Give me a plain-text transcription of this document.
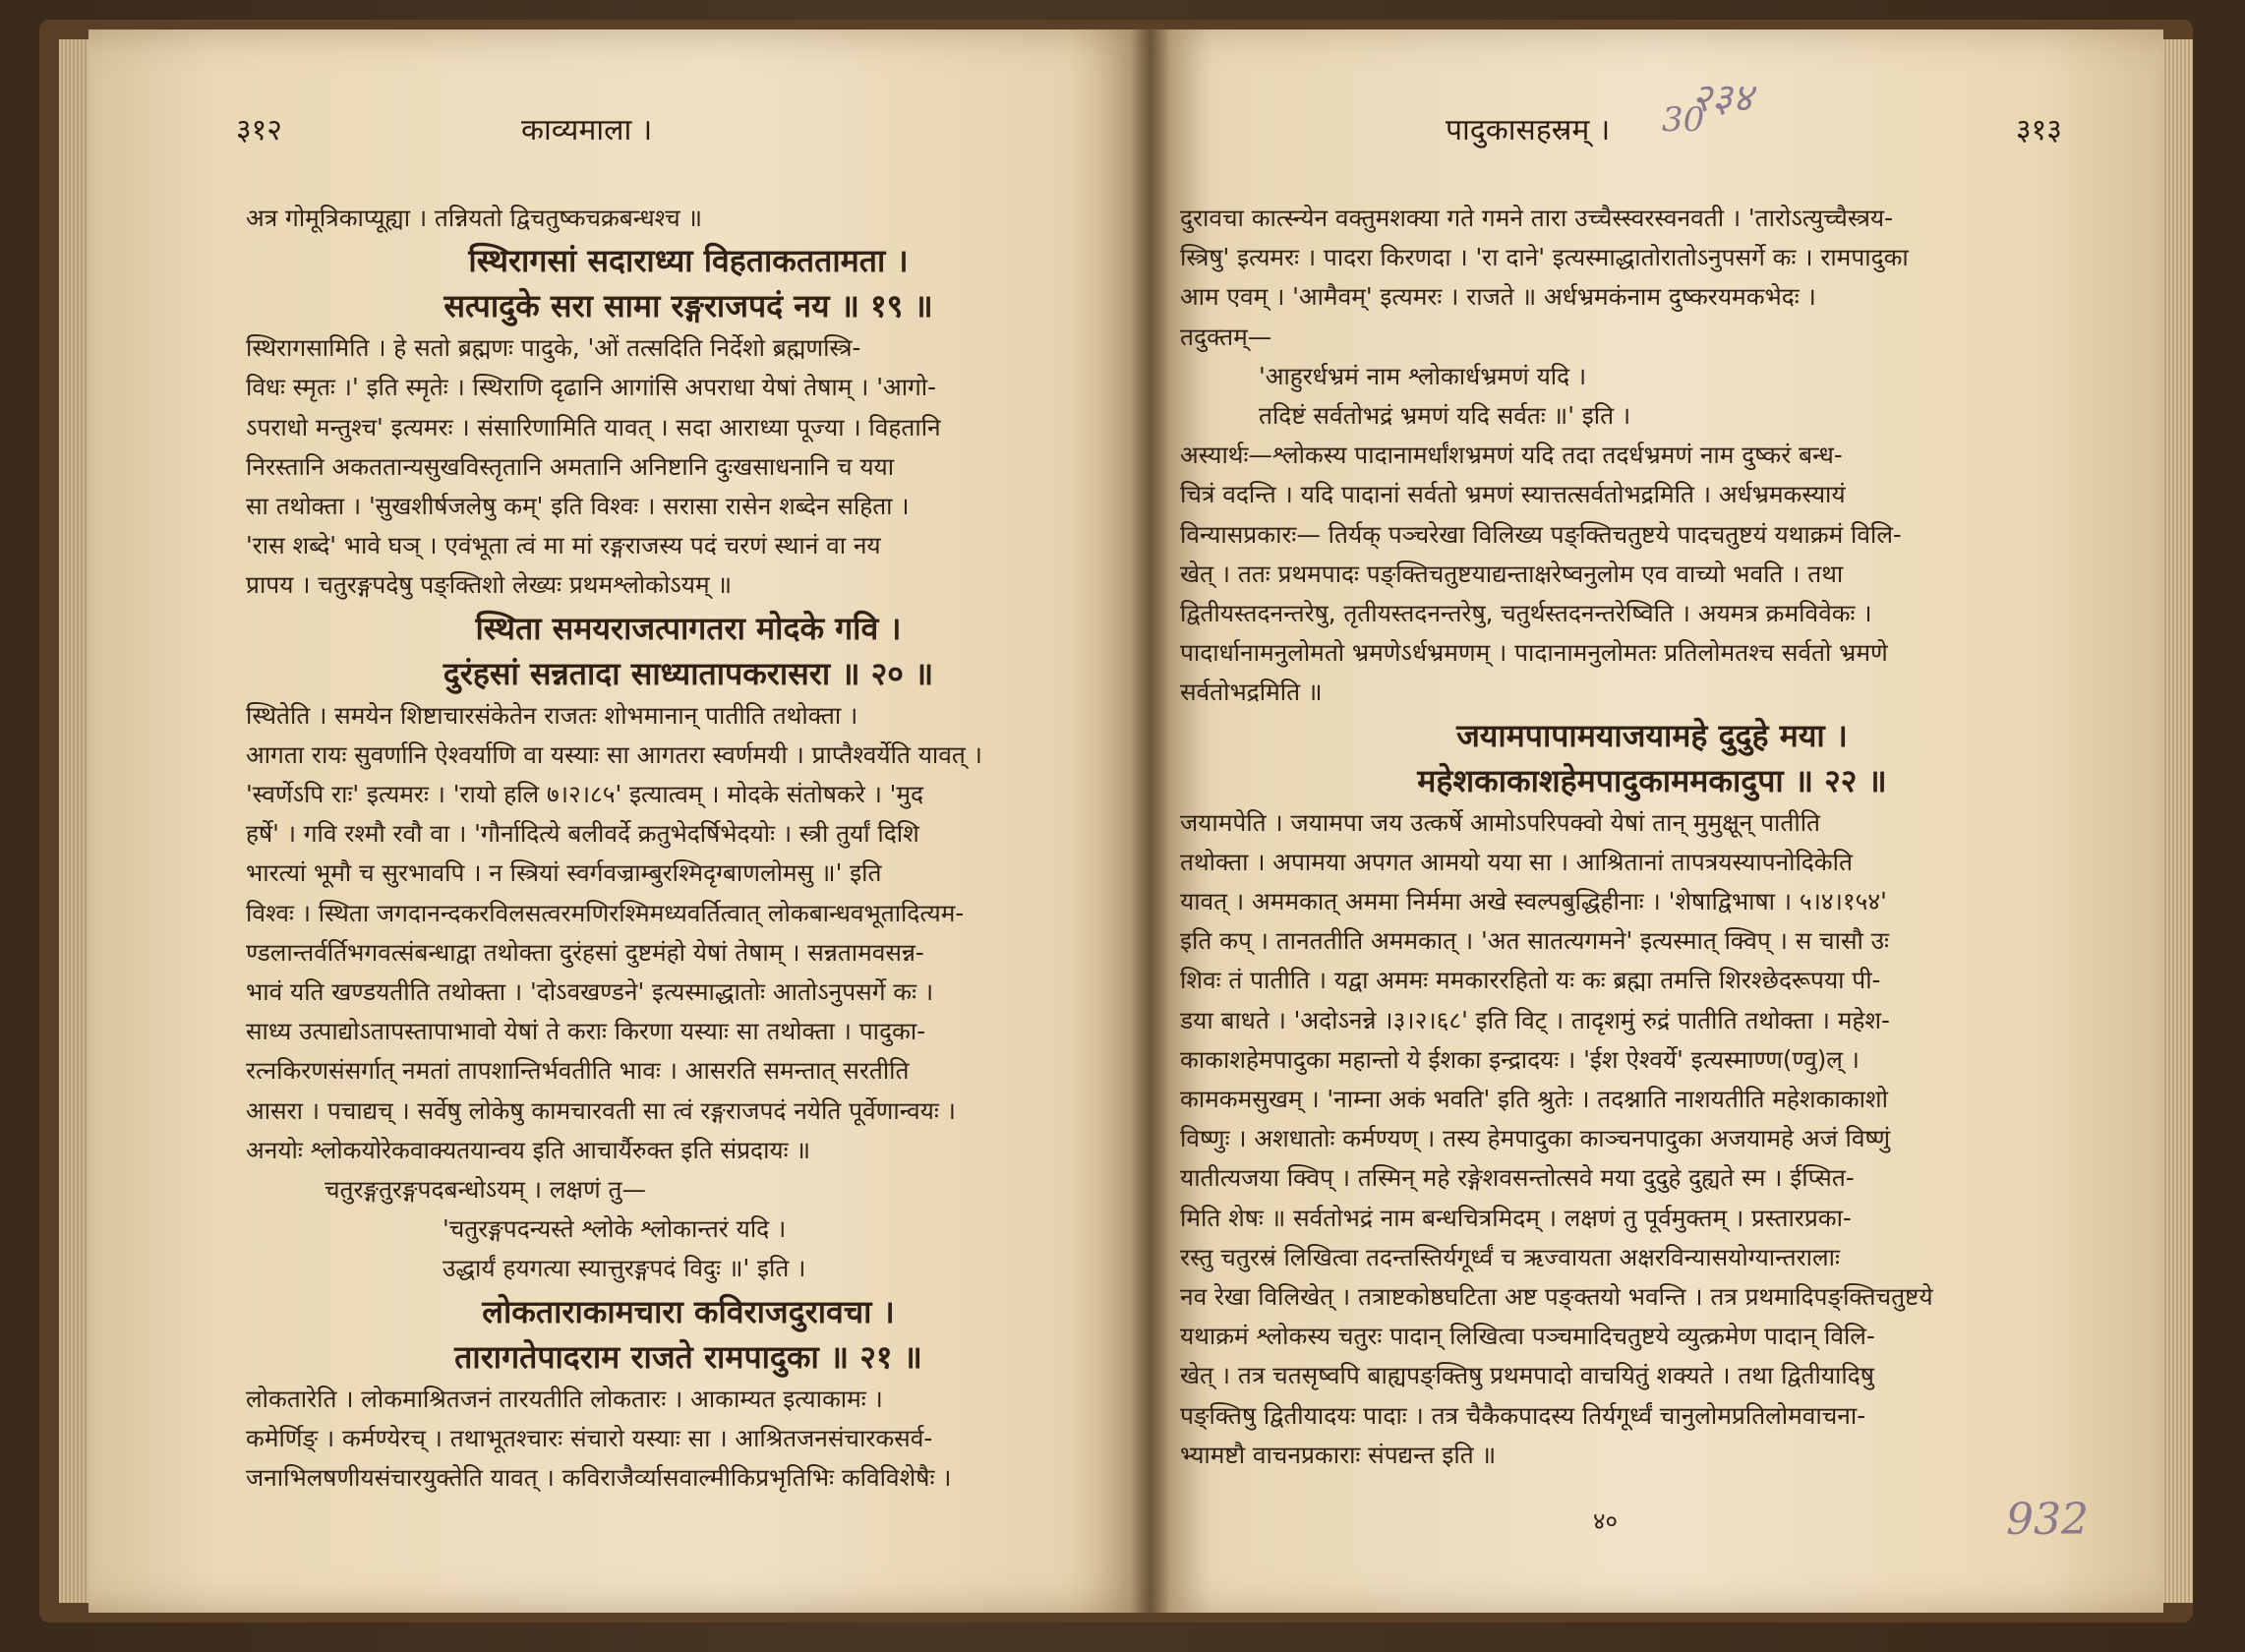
३१२	काव्यमाला ।
अत्र गोमूत्रिकाप्यूह्या । तन्नियतो द्विचतुष्कचक्रबन्धश्च ॥
स्थिरागसां सदाराध्या विहताकततामता ।
सत्पादुके सरा सामा रङ्गराजपदं नय ॥ १९ ॥
स्थिरागसामिति । हे सतो ब्रह्मणः पादुके, 'ओं तत्सदिति निर्देशो ब्रह्मणस्त्रि-
विधः स्मृतः ।' इति स्मृतेः । स्थिराणि दृढानि आगांसि अपराधा येषां तेषाम् । 'आगो-
ऽपराधो मन्तुश्च' इत्यमरः । संसारिणामिति यावत् । सदा आराध्या पूज्या । विहतानि
निरस्तानि अकततान्यसुखविस्तृतानि अमतानि अनिष्टानि दुःखसाधनानि च यया
सा तथोक्ता । 'सुखशीर्षजलेषु कम्' इति विश्वः । सरासा रासेन शब्देन सहिता ।
'रास शब्दे' भावे घञ् । एवंभूता त्वं मा मां रङ्गराजस्य पदं चरणं स्थानं वा नय
प्रापय । चतुरङ्गपदेषु पङ्क्तिशो लेख्यः प्रथमश्लोकोऽयम् ॥
स्थिता समयराजत्पागतरा मोदके गवि ।
दुरंहसां सन्नतादा साध्यातापकरासरा ॥ २० ॥
स्थितेति । समयेन शिष्टाचारसंकेतेन राजतः शोभमानान् पातीति तथोक्ता ।
आगता रायः सुवर्णानि ऐश्वर्याणि वा यस्याः सा आगतरा स्वर्णमयी । प्राप्तैश्वर्येति यावत् ।
'स्वर्णेऽपि राः' इत्यमरः । 'रायो हलि ७।२।८५' इत्यात्वम् । मोदके संतोषकरे । 'मुद
हर्षे' । गवि रश्मौ रवौ वा । 'गौर्नादित्ये बलीवर्दे क्रतुभेदर्षिभेदयोः । स्त्री तुर्यां दिशि
भारत्यां भूमौ च सुरभावपि । न स्त्रियां स्वर्गवज्राम्बुरश्मिदृग्बाणलोमसु ॥' इति
विश्वः । स्थिता जगदानन्दकरविलसत्वरमणिरश्मिमध्यवर्तित्वात् लोकबान्धवभूतादित्यम-
ण्डलान्तर्वर्तिभगवत्संबन्धाद्वा तथोक्ता दुरंहसां दुष्टमंहो येषां तेषाम् । सन्नतामवसन्न-
भावं यति खण्डयतीति तथोक्ता । 'दोऽवखण्डने' इत्यस्माद्धातोः आतोऽनुपसर्गे कः ।
साध्य उत्पाद्योऽतापस्तापाभावो येषां ते कराः किरणा यस्याः सा तथोक्ता । पादुका-
रत्नकिरणसंसर्गात् नमतां तापशान्तिर्भवतीति भावः । आसरति समन्तात् सरतीति
आसरा । पचाद्यच् । सर्वेषु लोकेषु कामचारवती सा त्वं रङ्गराजपदं नयेति पूर्वेणान्वयः ।
अनयोः श्लोकयोरेकवाक्यतयान्वय इति आचार्यैरुक्त इति संप्रदायः ॥
चतुरङ्गतुरङ्गपदबन्धोऽयम् । लक्षणं तु—
'चतुरङ्गपदन्यस्ते श्लोके श्लोकान्तरं यदि ।
उद्धार्यं हयगत्या स्यात्तुरङ्गपदं विदुः ॥' इति ।
लोकताराकामचारा कविराजदुरावचा ।
तारागतेपादराम राजते रामपादुका ॥ २१ ॥
लोकतारेति । लोकमाश्रितजनं तारयतीति लोकतारः । आकाम्यत इत्याकामः ।
कमेर्णिङ् । कर्मण्येरच् । तथाभूतश्चारः संचारो यस्याः सा । आश्रितजनसंचारकसर्व-
जनाभिलषणीयसंचारयुक्तेति यावत् । कविराजैर्व्यासवाल्मीकिप्रभृतिभिः कविविशेषैः ।
पादुकासहस्रम् । 30	३१३
२३४
दुरावचा कात्स्न्येन वक्तुमशक्या गते गमने तारा उच्चैस्स्वरस्वनवती । 'तारोऽत्युच्चैस्त्रय-
स्त्रिषु' इत्यमरः । पादरा किरणदा । 'रा दाने' इत्यस्माद्धातोरातोऽनुपसर्गे कः । रामपादुका
आम एवम् । 'आमैवम्' इत्यमरः । राजते ॥ अर्धभ्रमकंनाम दुष्करयमकभेदः ।
तदुक्तम्—
'आहुरर्धभ्रमं नाम श्लोकार्धभ्रमणं यदि ।
तदिष्टं सर्वतोभद्रं भ्रमणं यदि सर्वतः ॥' इति ।
अस्यार्थः—श्लोकस्य पादानामर्धांशभ्रमणं यदि तदा तदर्धभ्रमणं नाम दुष्करं बन्ध-
चित्रं वदन्ति । यदि पादानां सर्वतो भ्रमणं स्यात्तत्सर्वतोभद्रमिति । अर्धभ्रमकस्यायं
विन्यासप्रकारः— तिर्यक् पञ्चरेखा विलिख्य पङ्क्तिचतुष्टये पादचतुष्टयं यथाक्रमं विलि-
खेत् । ततः प्रथमपादः पङ्क्तिचतुष्टयाद्यन्ताक्षरेष्वनुलोम एव वाच्यो भवति । तथा
द्वितीयस्तदनन्तरेषु, तृतीयस्तदनन्तरेषु, चतुर्थस्तदनन्तरेष्विति । अयमत्र क्रमविवेकः ।
पादार्धानामनुलोमतो भ्रमणेऽर्धभ्रमणम् । पादानामनुलोमतः प्रतिलोमतश्च सर्वतो भ्रमणे
सर्वतोभद्रमिति ॥
जयामपापामयाजयामहे दुदुहे मया ।
महेशकाकाशहेमपादुकाममकादुपा ॥ २२ ॥
जयामपेति । जयामपा जय उत्कर्षे आमोऽपरिपक्वो येषां तान् मुमुक्षून् पातीति
तथोक्ता । अपामया अपगत आमयो यया सा । आश्रितानां तापत्रयस्यापनोदिकेति
यावत् । अममकात् अममा निर्ममा अखे स्वल्पबुद्धिहीनाः । 'शेषाद्विभाषा । ५।४।१५४'
इति कप् । तानततीति अममकात् । 'अत सातत्यगमने' इत्यस्मात् क्विप् । स चासौ उः
शिवः तं पातीति । यद्वा अममः ममकाररहितो यः कः ब्रह्मा तमत्ति शिरश्छेदरूपया पी-
डया बाधते । 'अदोऽनन्ने ।३।२।६८' इति विट् । तादृशमुं रुद्रं पातीति तथोक्ता । महेश-
काकाशहेमपादुका महान्तो ये ईशका इन्द्रादयः । 'ईश ऐश्वर्ये' इत्यस्माण्ण(ण्वु)ल् ।
कामकमसुखम् । 'नाम्ना अकं भवति' इति श्रुतेः । तदश्नाति नाशयतीति महेशकाकाशो
विष्णुः । अशधातोः कर्मण्यण् । तस्य हेमपादुका काञ्चनपादुका अजयामहे अजं विष्णुं
यातीत्यजया क्विप् । तस्मिन् महे रङ्गेशवसन्तोत्सवे मया दुदुहे दुह्यते स्म । ईप्सित-
मिति शेषः ॥ सर्वतोभद्रं नाम बन्धचित्रमिदम् । लक्षणं तु पूर्वमुक्तम् । प्रस्तारप्रका-
रस्तु चतुरस्रं लिखित्वा तदन्तस्तिर्यगूर्ध्वं च ऋज्वायता अक्षरविन्यासयोग्यान्तरालाः
नव रेखा विलिखेत् । तत्राष्टकोष्ठघटिता अष्ट पङ्क्तयो भवन्ति । तत्र प्रथमादिपङ्क्तिचतुष्टये
यथाक्रमं श्लोकस्य चतुरः पादान् लिखित्वा पञ्चमादिचतुष्टये व्युत्क्रमेण पादान् विलि-
खेत् । तत्र चतसृष्वपि बाह्यपङ्क्तिषु प्रथमपादो वाचयितुं शक्यते । तथा द्वितीयादिषु
पङ्क्तिषु द्वितीयादयः पादाः । तत्र चैकैकपादस्य तिर्यगूर्ध्वं चानुलोमप्रतिलोमवाचना-
भ्यामष्टौ वाचनप्रकाराः संपद्यन्त इति ॥
४०	932
